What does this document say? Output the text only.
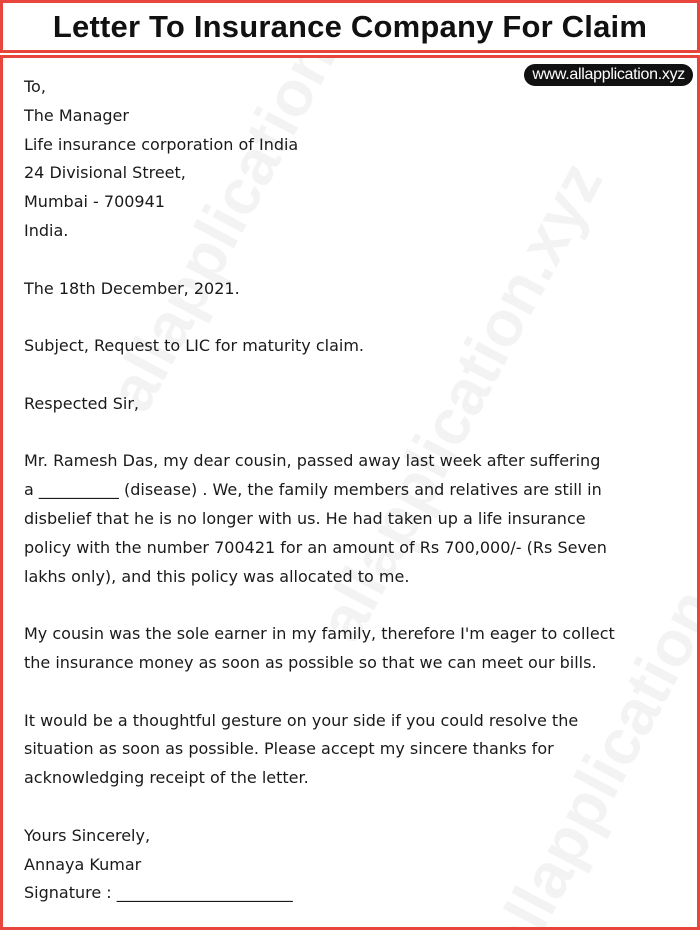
Letter To Insurance Company For Claim
www.allapplication.xyz
To,
The Manager
Life insurance corporation of India
24 Divisional Street,
Mumbai - 700941
India.
The 18th December, 2021.
Subject, Request to LIC for maturity claim.
Respected Sir,
Mr. Ramesh Das, my dear cousin, passed away last week after suffering
a __________ (disease) . We, the family members and relatives are still in
disbelief that he is no longer with us. He had taken up a life insurance
policy with the number 700421 for an amount of Rs 700,000/- (Rs Seven
lakhs only), and this policy was allocated to me.
My cousin was the sole earner in my family, therefore I'm eager to collect
the insurance money as soon as possible so that we can meet our bills.
It would be a thoughtful gesture on your side if you could resolve the
situation as soon as possible. Please accept my sincere thanks for
acknowledging receipt of the letter.
Yours Sincerely,
Annaya Kumar
Signature : ______________________
